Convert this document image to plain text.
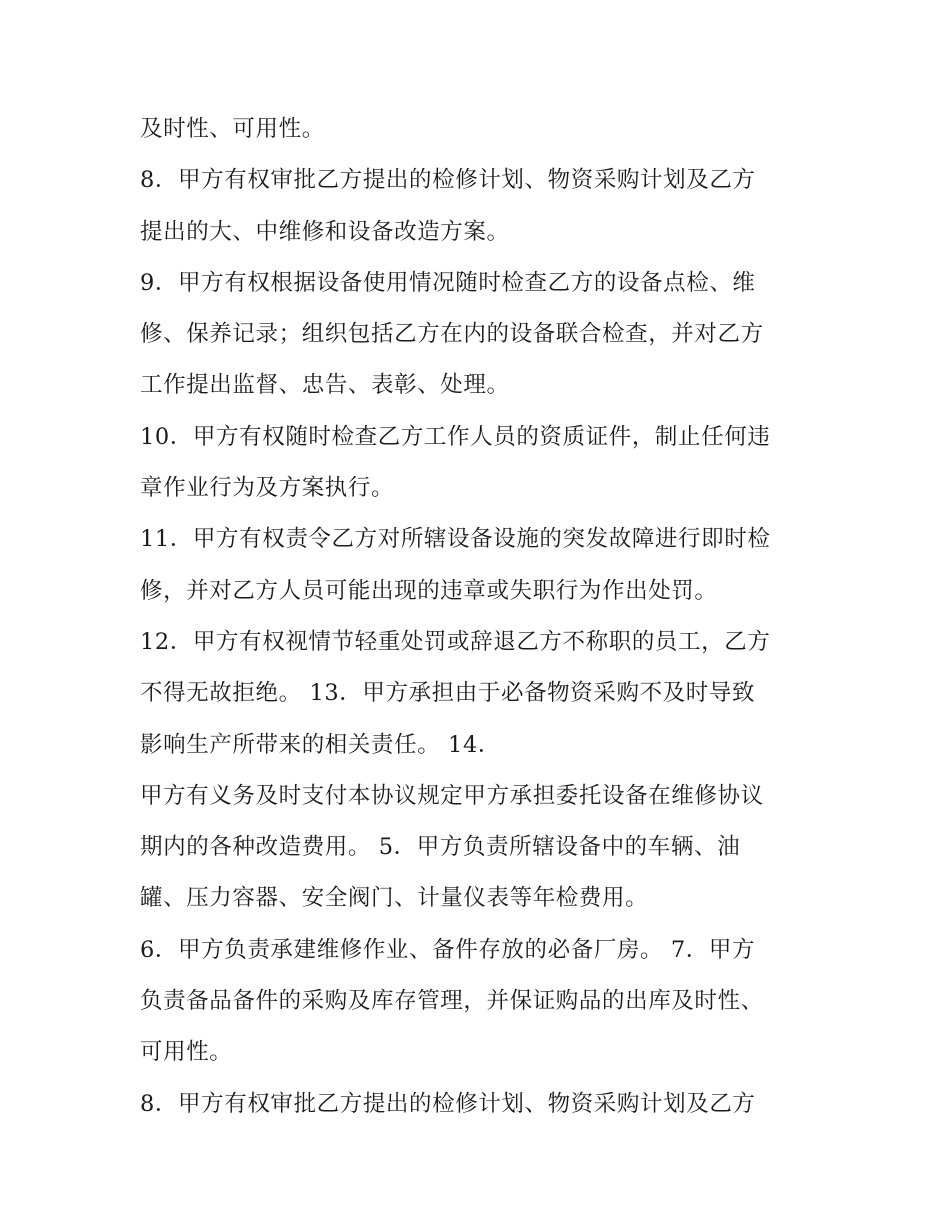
及时性、可用性。
8．甲方有权审批乙方提出的检修计划、物资采购计划及乙方
提出的大、中维修和设备改造方案。
9．甲方有权根据设备使用情况随时检查乙方的设备点检、维
修、保养记录；组织包括乙方在内的设备联合检查，并对乙方
工作提出监督、忠告、表彰、处理。
10．甲方有权随时检查乙方工作人员的资质证件，制止任何违
章作业行为及方案执行。
11．甲方有权责令乙方对所辖设备设施的突发故障进行即时检
修，并对乙方人员可能出现的违章或失职行为作出处罚。
12．甲方有权视情节轻重处罚或辞退乙方不称职的员工，乙方
不得无故拒绝。 13．甲方承担由于必备物资采购不及时导致
影响生产所带来的相关责任。 14．
甲方有义务及时支付本协议规定甲方承担委托设备在维修协议
期内的各种改造费用。 5．甲方负责所辖设备中的车辆、油
罐、压力容器、安全阀门、计量仪表等年检费用。
6．甲方负责承建维修作业、备件存放的必备厂房。 7．甲方
负责备品备件的采购及库存管理，并保证购品的出库及时性、
可用性。
8．甲方有权审批乙方提出的检修计划、物资采购计划及乙方
